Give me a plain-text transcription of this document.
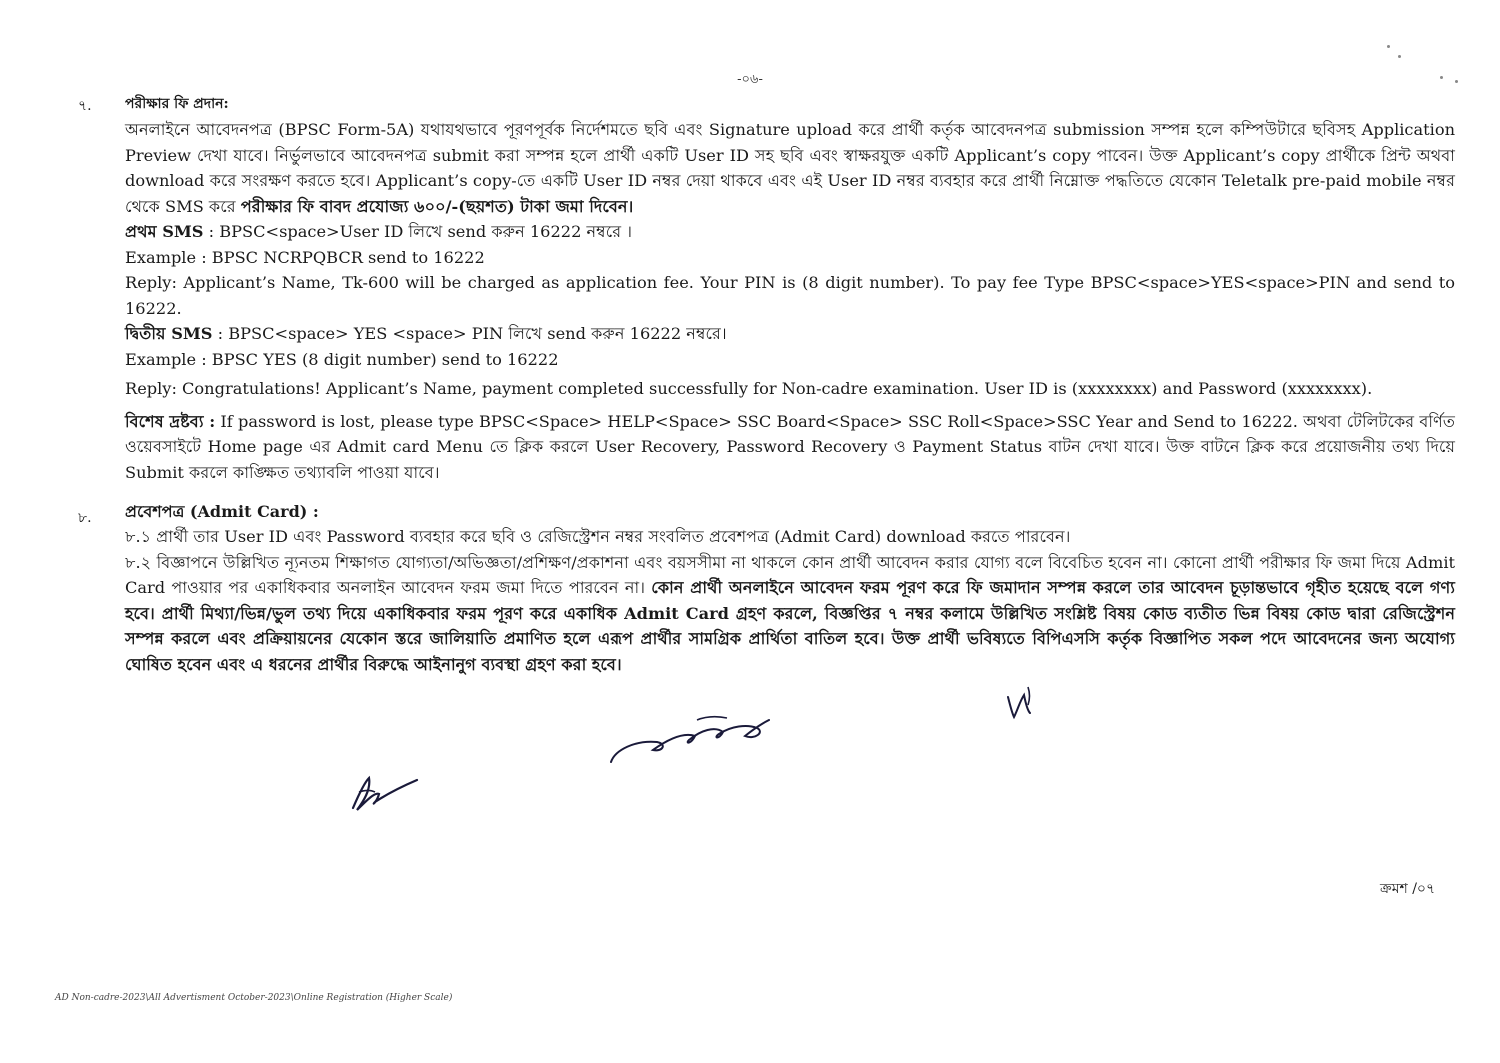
-০৬-
৭. পরীক্ষার ফি প্রদান:

অনলাইনে আবেদনপত্র (BPSC Form-5A) যথাযথভাবে পূরণপূর্বক নির্দেশমতে ছবি এবং Signature upload করে প্রার্থী কর্তৃক আবেদনপত্র submission সম্পন্ন হলে কম্পিউটারে ছবিসহ Application Preview দেখা যাবে। নির্ভুলভাবে আবেদনপত্র submit করা সম্পন্ন হলে প্রার্থী একটি User ID সহ ছবি এবং স্বাক্ষরযুক্ত একটি Applicant’s copy পাবেন। উক্ত Applicant’s copy প্রার্থীকে প্রিন্ট অথবা download করে সংরক্ষণ করতে হবে। Applicant’s copy-তে একটি User ID নম্বর দেয়া থাকবে এবং এই User ID নম্বর ব্যবহার করে প্রার্থী নিম্নোক্ত পদ্ধতিতে যেকোন Teletalk pre-paid mobile নম্বর থেকে SMS করে পরীক্ষার ফি বাবদ প্রযোজ্য ৬০০/-(ছয়শত) টাকা জমা দিবেন।

প্রথম SMS : BPSC<space>User ID লিখে send করুন 16222 নম্বরে ।

Example : BPSC NCRPQBCR send to 16222

Reply: Applicant’s Name, Tk-600 will be charged as application fee. Your PIN is (8 digit number). To pay fee Type BPSC<space>YES<space>PIN and send to 16222.

দ্বিতীয় SMS : BPSC<space> YES <space> PIN লিখে send করুন 16222 নম্বরে।

Example : BPSC YES (8 digit number) send to 16222

Reply: Congratulations! Applicant’s Name, payment completed successfully for Non-cadre examination. User ID is (xxxxxxxx) and Password (xxxxxxxx).

বিশেষ দ্রষ্টব্য : If password is lost, please type BPSC<Space> HELP<Space> SSC Board<Space> SSC Roll<Space>SSC Year and Send to 16222. অথবা টেলিটকের বর্ণিত ওয়েবসাইটে Home page এর Admit card Menu তে ক্লিক করলে User Recovery, Password Recovery ও Payment Status বাটন দেখা যাবে। উক্ত বাটনে ক্লিক করে প্রয়োজনীয় তথ্য দিয়ে Submit করলে কাঙ্ক্ষিত তথ্যাবলি পাওয়া যাবে।

৮. প্রবেশপত্র (Admit Card) :

৮.১ প্রার্থী তার User ID এবং Password ব্যবহার করে ছবি ও রেজিস্ট্রেশন নম্বর সংবলিত প্রবেশপত্র (Admit Card) download করতে পারবেন।

৮.২ বিজ্ঞাপনে উল্লিখিত ন্যূনতম শিক্ষাগত যোগ্যতা/অভিজ্ঞতা/প্রশিক্ষণ/প্রকাশনা এবং বয়সসীমা না থাকলে কোন প্রার্থী আবেদন করার যোগ্য বলে বিবেচিত হবেন না। কোনো প্রার্থী পরীক্ষার ফি জমা দিয়ে Admit Card পাওয়ার পর একাধিকবার অনলাইন আবেদন ফরম জমা দিতে পারবেন না। কোন প্রার্থী অনলাইনে আবেদন ফরম পূরণ করে ফি জমাদান সম্পন্ন করলে তার আবেদন চূড়ান্তভাবে গৃহীত হয়েছে বলে গণ্য হবে। প্রার্থী মিথ্যা/ভিন্ন/ভুল তথ্য দিয়ে একাধিকবার ফরম পূরণ করে একাধিক Admit Card গ্রহণ করলে, বিজ্ঞপ্তির ৭ নম্বর কলামে উল্লিখিত সংশ্লিষ্ট বিষয় কোড ব্যতীত ভিন্ন বিষয় কোড দ্বারা রেজিস্ট্রেশন সম্পন্ন করলে এবং প্রক্রিয়ায়নের যেকোন স্তরে জালিয়াতি প্রমাণিত হলে এরূপ প্রার্থীর সামগ্রিক প্রার্থিতা বাতিল হবে। উক্ত প্রার্থী ভবিষ্যতে বিপিএসসি কর্তৃক বিজ্ঞাপিত সকল পদে আবেদনের জন্য অযোগ্য ঘোষিত হবেন এবং এ ধরনের প্রার্থীর বিরুদ্ধে আইনানুগ ব্যবস্থা গ্রহণ করা হবে।

ক্রমশ /০৭
AD Non-cadre-2023\All Advertisment October-2023\Online Registration (Higher Scale)
